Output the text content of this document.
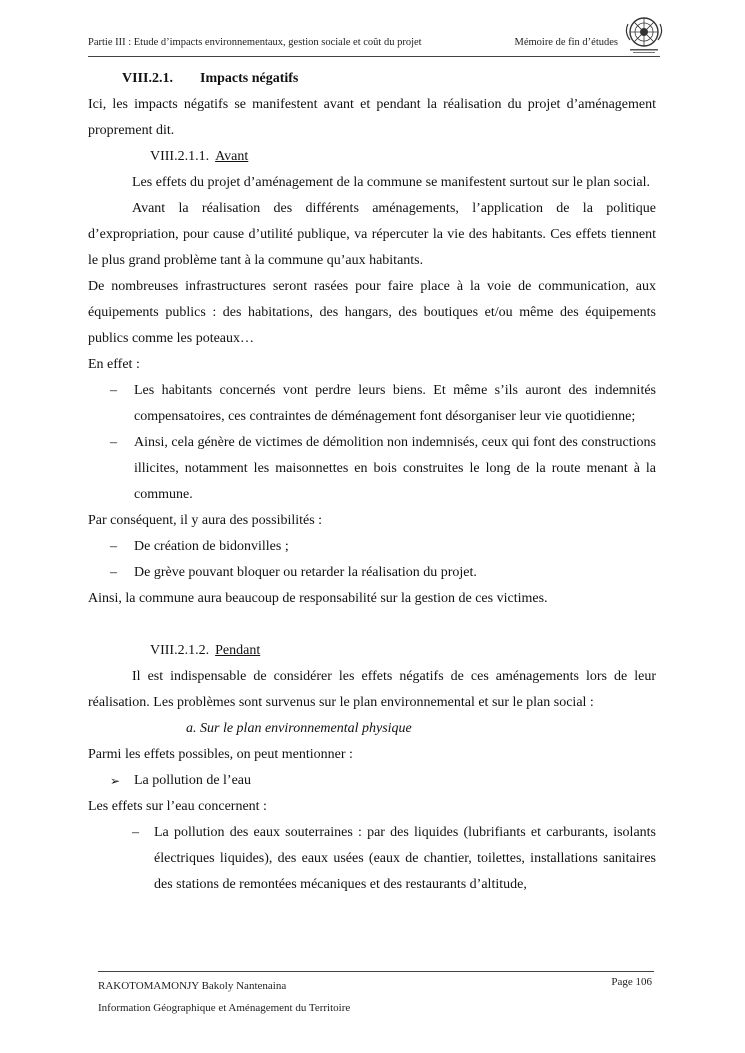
Partie III : Etude d’impacts environnementaux, gestion sociale et coût du projet	Mémoire de fin d’études

VIII.2.1. Impacts négatifs

Ici, les impacts négatifs se manifestent avant et pendant la réalisation du projet d’aménagement proprement dit.

VIII.2.1.1. Avant

Les effets du projet d’aménagement de la commune se manifestent surtout sur le plan social.

Avant la réalisation des différents aménagements, l’application de la politique d’expropriation, pour cause d’utilité publique, va répercuter la vie des habitants. Ces effets tiennent le plus grand problème tant à la commune qu’aux habitants.

De nombreuses infrastructures seront rasées pour faire place à la voie de communication, aux équipements publics : des habitations, des hangars, des boutiques et/ou même des équipements publics comme les poteaux…

En effet :

– Les habitants concernés vont perdre leurs biens. Et même s’ils auront des indemnités compensatoires, ces contraintes de déménagement font désorganiser leur vie quotidienne;
– Ainsi, cela génère de victimes de démolition non indemnisés, ceux qui font des constructions illicites, notamment les maisonnettes en bois construites le long de la route menant à la commune.

Par conséquent, il y aura des possibilités :

– De création de bidonvilles ;
– De grève pouvant bloquer ou retarder la réalisation du projet.

Ainsi, la commune aura beaucoup de responsabilité sur la gestion de ces victimes.

VIII.2.1.2. Pendant

Il est indispensable de considérer les effets négatifs de ces aménagements lors de leur réalisation. Les problèmes sont survenus sur le plan environnemental et sur le plan social :

a. Sur le plan environnemental physique

Parmi les effets possibles, on peut mentionner :

➢ La pollution de l’eau

Les effets sur l’eau concernent :

– La pollution des eaux souterraines : par des liquides (lubrifiants et carburants, isolants électriques liquides), des eaux usées (eaux de chantier, toilettes, installations sanitaires des stations de remontées mécaniques et des restaurants d’altitude,
RAKOTOMAMONJY Bakoly Nantenaina
Information Géographique et Aménagement du Territoire
Page 106
